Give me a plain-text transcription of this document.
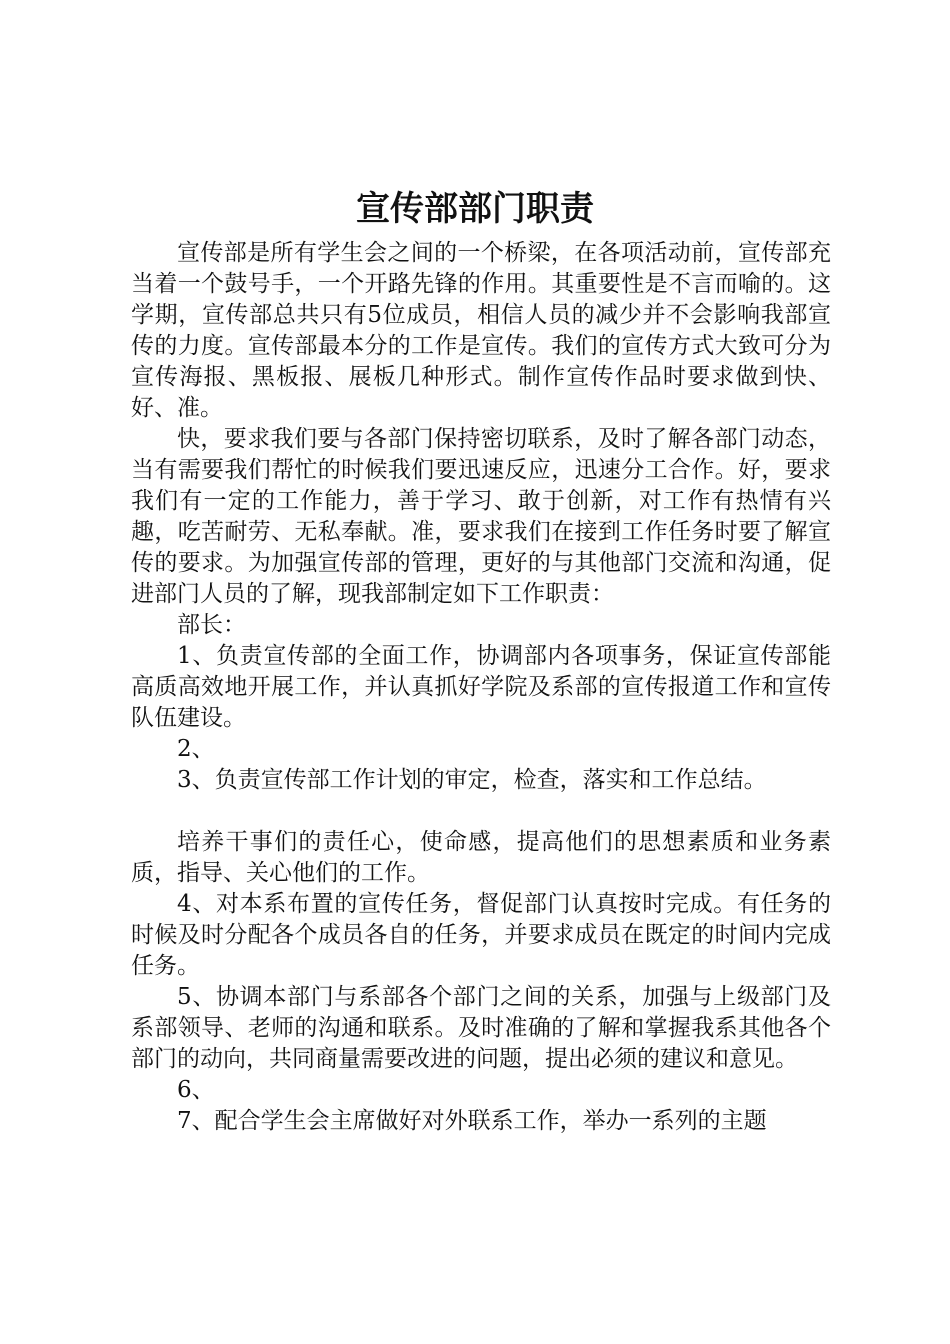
宣传部部门职责

宣传部是所有学生会之间的一个桥梁，在各项活动前，宣传部充当着一个鼓号手，一个开路先锋的作用。其重要性是不言而喻的。这学期，宣传部总共只有5位成员，相信人员的减少并不会影响我部宣传的力度。宣传部最本分的工作是宣传。我们的宣传方式大致可分为宣传海报、黑板报、展板几种形式。制作宣传作品时要求做到快、好、准。

快，要求我们要与各部门保持密切联系，及时了解各部门动态，当有需要我们帮忙的时候我们要迅速反应，迅速分工合作。好，要求我们有一定的工作能力，善于学习、敢于创新，对工作有热情有兴趣，吃苦耐劳、无私奉献。准，要求我们在接到工作任务时要了解宣传的要求。为加强宣传部的管理，更好的与其他部门交流和沟通，促进部门人员的了解，现我部制定如下工作职责：

部长：

1、负责宣传部的全面工作，协调部内各项事务，保证宣传部能高质高效地开展工作，并认真抓好学院及系部的宣传报道工作和宣传队伍建设。

2、

3、负责宣传部工作计划的审定，检查，落实和工作总结。

培养干事们的责任心，使命感，提高他们的思想素质和业务素质，指导、关心他们的工作。

4、对本系布置的宣传任务，督促部门认真按时完成。有任务的时候及时分配各个成员各自的任务，并要求成员在既定的时间内完成任务。

5、协调本部门与系部各个部门之间的关系，加强与上级部门及系部领导、老师的沟通和联系。及时准确的了解和掌握我系其他各个部门的动向，共同商量需要改进的问题，提出必须的建议和意见。

6、

7、配合学生会主席做好对外联系工作，举办一系列的主题
